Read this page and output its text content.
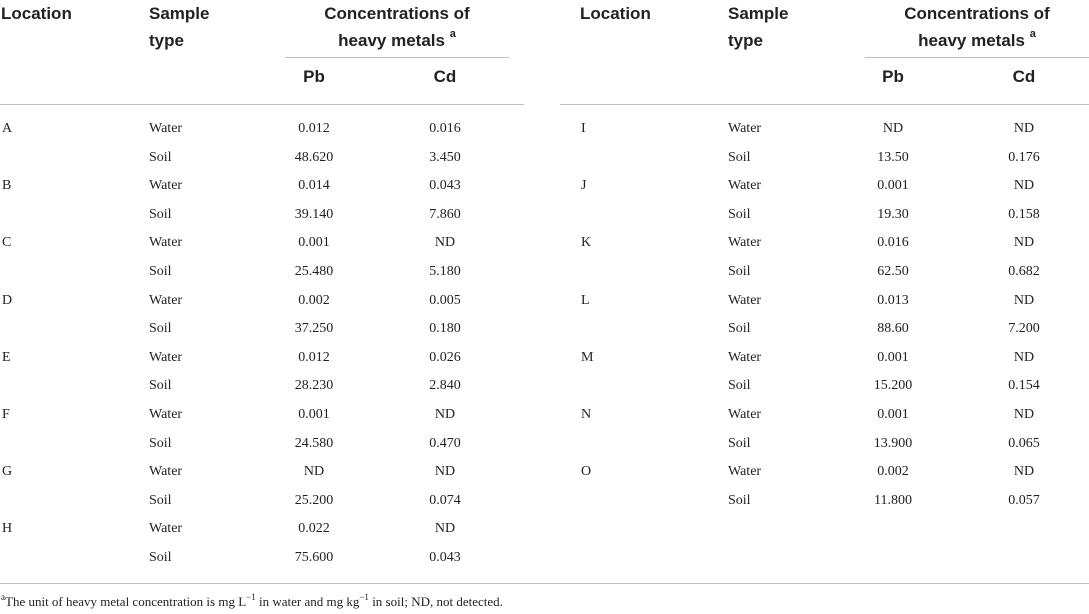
Location	Sample
type
Concentrations of
heavy metals $^a$
Pb	Cd
A	Water	0.012	0.016
Soil	48.620	3.450
B	Water	0.014	0.043
Soil	39.140	7.860
C	Water	0.001	ND
Soil	25.480	5.180
D	Water	0.002	0.005
Soil	37.250	0.180
E	Water	0.012	0.026
Soil	28.230	2.840
F	Water	0.001	ND
Soil	24.580	0.470
G	Water	ND	ND
Soil	25.200	0.074
H	Water	0.022	ND
Soil	75.600	0.043
Location	Sample
type
Concentrations of
heavy metals $^a$
Pb	Cd
I	Water	ND	ND
Soil	13.50	0.176
J	Water	0.001	ND
Soil	19.30	0.158
K	Water	0.016	ND
Soil	62.50	0.682
L	Water	0.013	ND
Soil	88.60	7.200
M	Water	0.001	ND
Soil	15.200	0.154
N	Water	0.001	ND
Soil	13.900	0.065
O	Water	0.002	ND
Soil	11.800	0.057
$^a$The unit of heavy metal concentration is mg $L^{-1}$ in water and mg $kg^{-1}$ in soil; ND, not detected.
